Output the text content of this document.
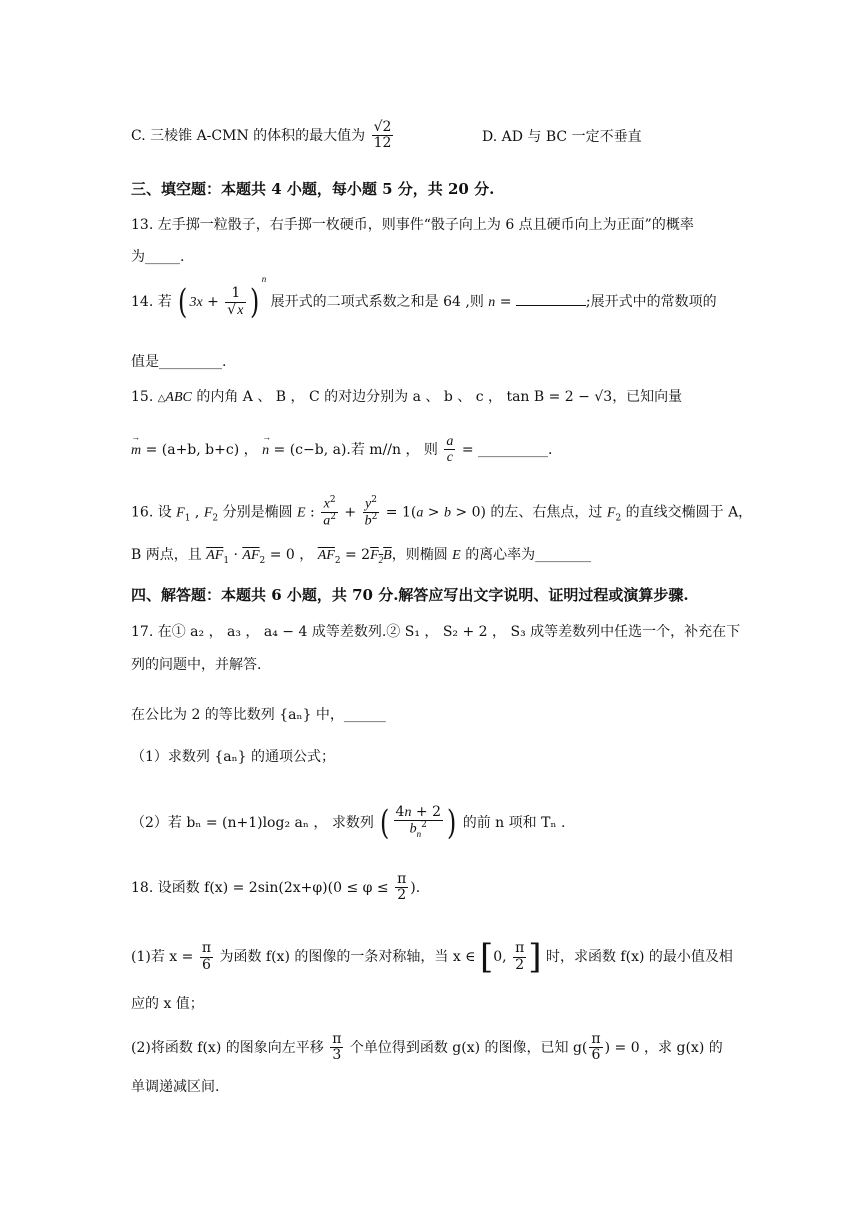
C. 三棱锥 A-CMN 的体积的最大值为 $\frac{√2}{12}$	D. AD 与 BC 一定不垂直
三、填空题：本题共 4 小题，每小题 5 分，共 20 分.
13. 左手掷一粒骰子，右手掷一枚硬币，则事件“骰子向上为 6 点且硬币向上为正面”的概率
为_____.
14. 若 ( $3x + \frac{1}{√x} )^n$ 展开式的二项式系数之和是 64 ,则 n =	;展开式中的常数项的
值是_________.
15. △ABC 的内角 A 、 B ， C 的对边分别为 a 、 b 、 c ， tan B = 2 − √3，已知向量
→ m = (a+b, b+c) ， → n = (c−b, a).若 m//n ， 则 $\frac{a}{c}$ = __________.
16. 设 $F_1$ , $F_2$ 分别是椭圆 E : $\frac{x^2}{a^2} + \frac{y^2}{b^2} = 1(a > b > 0)$ 的左、右焦点，过 $F_2$ 的直线交椭圆于 A，
B 两点，且 $\overline{AF}_1 \cdot \overline{AF}_2 = 0$ ， $\overline{AF}_2 = 2F_2B$，则椭圆 E 的离心率为________
四、解答题：本题共 6 小题，共 70 分.解答应写出文字说明、证明过程或演算步骤.
17. 在① a₂ ， a₃ ， a₄ − 4 成等差数列.② S₁ ， S₂ + 2 ， S₃ 成等差数列中任选一个，补充在下
列的问题中，并解答.
在公比为 2 的等比数列 {aₙ} 中，______
（1）求数列 {aₙ} 的通项公式；
（2）若 bₙ = (n+1)log₂ aₙ ， 求数列 ( $\frac{4n + 2}{b_n^2}$ ) 的前 n 项和 Tₙ .
18. 设函数 $f(x) = 2\sin(2x+\varphi)(0 \le \varphi \le \frac{\pi}{2}$ ).
(1)若 $x = \frac{\pi}{6}$ 为函数 f(x) 的图像的一条对称轴，当 x ∈ [0, $\frac{\pi}{2}$ ] 时，求函数 f(x) 的最小值及相
应的 x 值；
(2)将函数 f(x) 的图象向左平移 $\frac{\pi}{3}$ 个单位得到函数 g(x) 的图像，已知 $g( \frac{\pi}{6}$ ) = 0 ，求 g(x) 的
单调递减区间.
